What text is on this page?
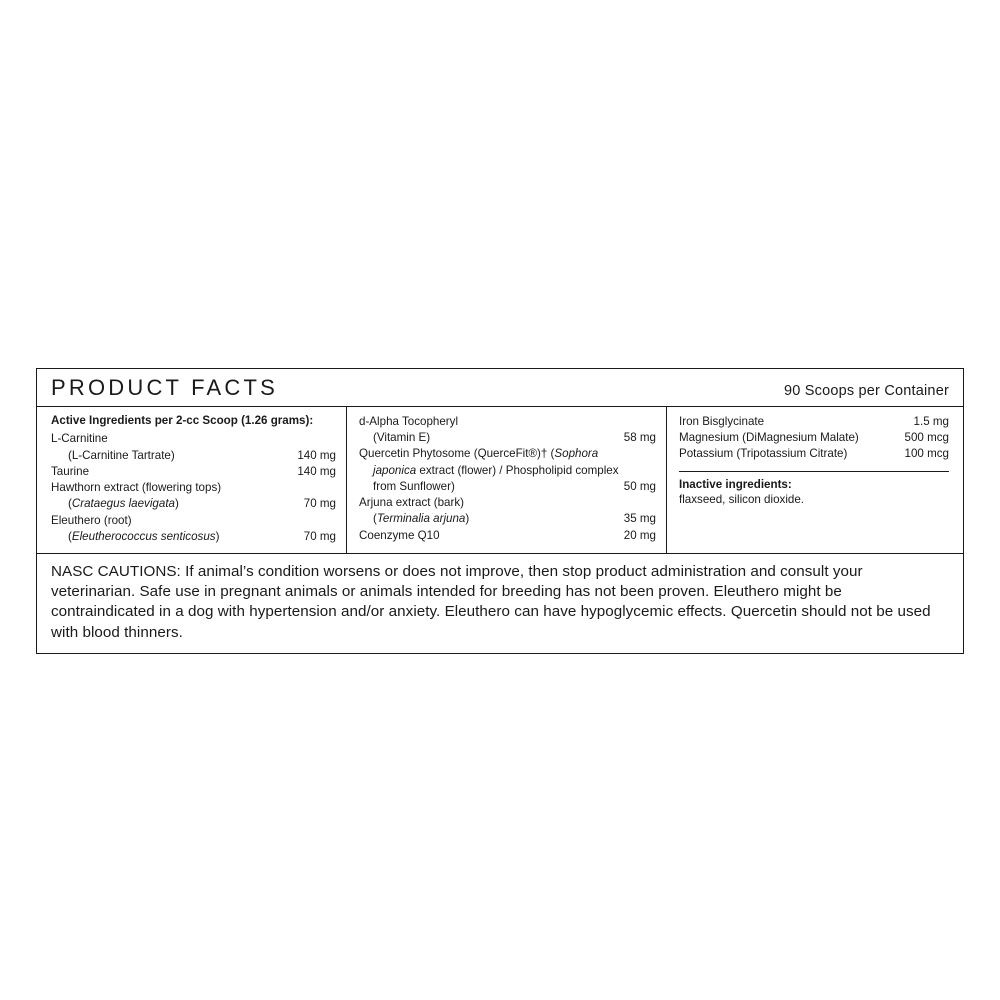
PRODUCT FACTS	90 Scoops per Container
Active Ingredients per 2-cc Scoop (1.26 grams):
L-Carnitine
(L-Carnitine Tartrate)	140 mg
Taurine	140 mg
Hawthorn extract (flowering tops)
(Crataegus laevigata)	70 mg
Eleuthero (root)
(Eleutherococcus senticosus)	70 mg
d-Alpha Tocopheryl
(Vitamin E)	58 mg
Quercetin Phytosome (QuerceFit®)† (Sophora
japonica extract (flower) / Phospholipid complex
from Sunflower)	50 mg
Arjuna extract (bark)
(Terminalia arjuna)	35 mg
Coenzyme Q10	20 mg
Iron Bisglycinate	1.5 mg
Magnesium (DiMagnesium Malate)	500 mcg
Potassium (Tripotassium Citrate)	100 mcg
Inactive ingredients:
flaxseed, silicon dioxide.
NASC CAUTIONS: If animal’s condition worsens or does not improve, then stop product administration and consult your veterinarian. Safe use in pregnant animals or animals intended for breeding has not been proven. Eleuthero might be contraindicated in a dog with hypertension and/or anxiety. Eleuthero can have hypoglycemic effects. Quercetin should not be used with blood thinners.
